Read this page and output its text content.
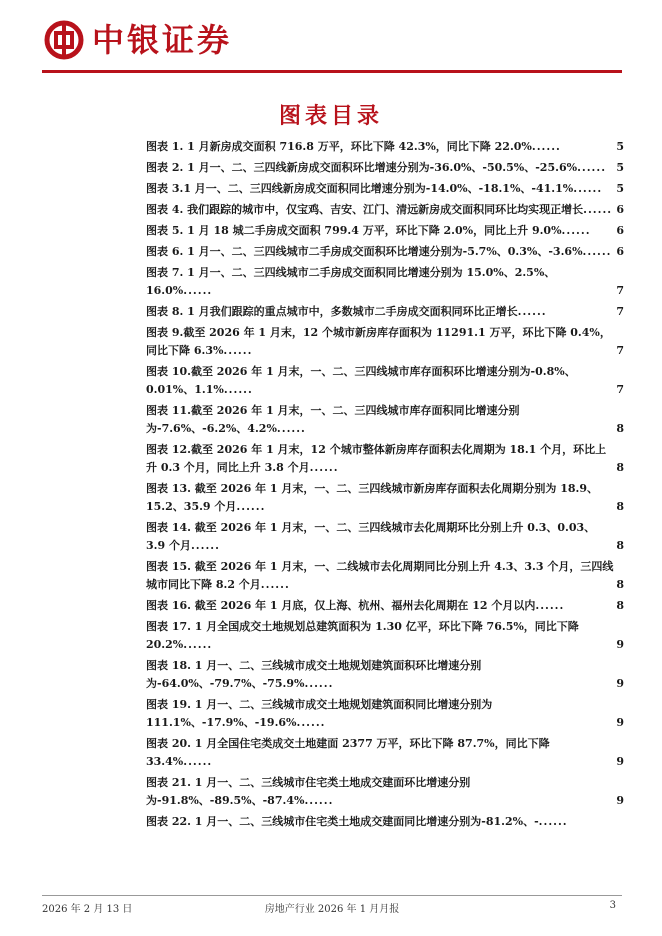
中银证券
图表目录
图表 1. 1 月新房成交面积 716.8 万平，环比下降 42.3%，同比下降 22.0%......	5
图表 2. 1 月一、二、三四线新房成交面积环比增速分别为-36.0%、-50.5%、-25.6%...... 5
图表 3.1 月一、二、三四线新房成交面积同比增速分别为-14.0%、-18.1%、-41.1%......	5
图表 4. 我们跟踪的城市中，仅宝鸡、吉安、江门、清远新房成交面积同环比均实现正增长...... 6
图表 5. 1 月 18 城二手房成交面积 799.4 万平，环比下降 2.0%，同比上升 9.0%......	6
图表 6. 1 月一、二、三四线城市二手房成交面积环比增速分别为-5.7%、0.3%、-3.6%...... 6
图表 7. 1 月一、二、三四线城市二手房成交面积同比增速分别为 15.0%、2.5%、16.0%......	7
图表 8. 1 月我们跟踪的重点城市中，多数城市二手房成交面积同环比正增长......	7
图表 9.截至 2026 年 1 月末，12 个城市新房库存面积为 11291.1 万平，环比下降 0.4%，同比下降 6.3%......	7
图表 10.截至 2026 年 1 月末，一、二、三四线城市库存面积环比增速分别为-0.8%、0.01%、1.1%......	7
图表 11.截至 2026 年 1 月末，一、二、三四线城市库存面积同比增速分别为-7.6%、-6.2%、4.2%......	8
图表 12.截至 2026 年 1 月末，12 个城市整体新房库存面积去化周期为 18.1 个月，环比上升 0.3 个月，同比上升 3.8 个月......	8
图表 13. 截至 2026 年 1 月末，一、二、三四线城市新房库存面积去化周期分别为 18.9、15.2、35.9 个月......	8
图表 14. 截至 2026 年 1 月末，一、二、三四线城市去化周期环比分别上升 0.3、0.03、3.9 个月......	8
图表 15. 截至 2026 年 1 月末，一、二线城市去化周期同比分别上升 4.3、3.3 个月，三四线城市同比下降 8.2 个月......	8
图表 16. 截至 2026 年 1 月底，仅上海、杭州、福州去化周期在 12 个月以内......	8
图表 17. 1 月全国成交土地规划总建筑面积为 1.30 亿平，环比下降 76.5%，同比下降 20.2%......	9
图表 18. 1 月一、二、三线城市成交土地规划建筑面积环比增速分别为-64.0%、-79.7%、-75.9%......	9
图表 19. 1 月一、二、三线城市成交土地规划建筑面积同比增速分别为 111.1%、-17.9%、-19.6%......	9
图表 20. 1 月全国住宅类成交土地建面 2377 万平，环比下降 87.7%，同比下降 33.4%......	9
图表 21. 1 月一、二、三线城市住宅类土地成交建面环比增速分别为-91.8%、-89.5%、-87.4%......	9
图表 22. 1 月一、二、三线城市住宅类土地成交建面同比增速分别为-81.2%、-......
2026 年 2 月 13 日	房地产行业 2026 年 1 月月报	3
